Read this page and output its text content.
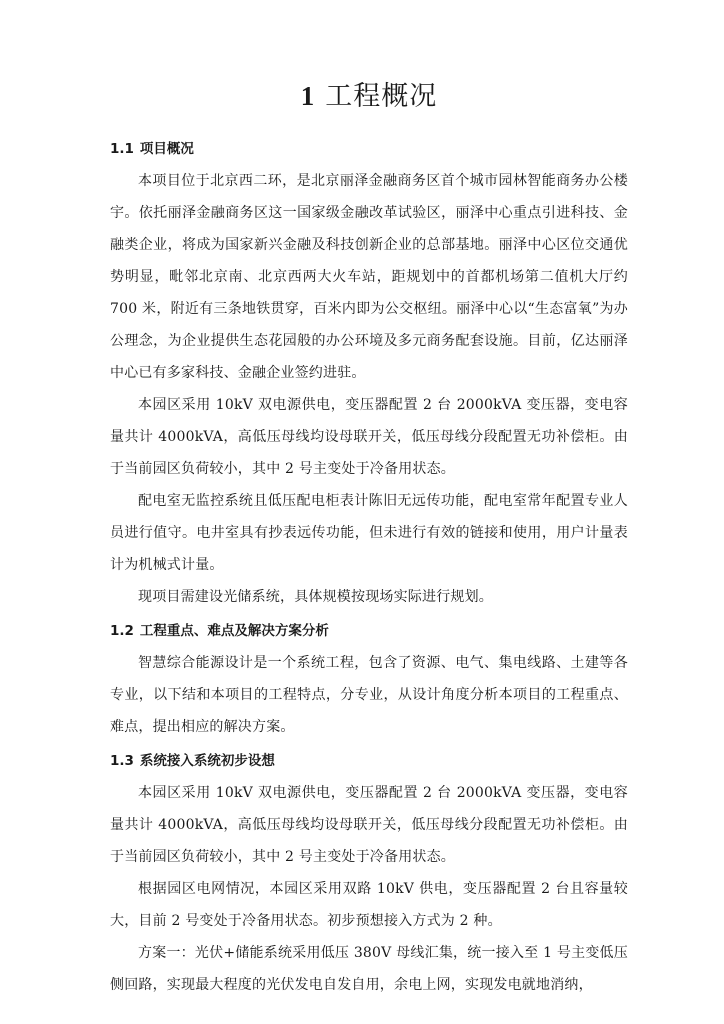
1 工程概况
1.1 项目概况

本项目位于北京西二环，是北京丽泽金融商务区首个城市园林智能商务办公楼宇。依托丽泽金融商务区这一国家级金融改革试验区，丽泽中心重点引进科技、金融类企业，将成为国家新兴金融及科技创新企业的总部基地。丽泽中心区位交通优势明显，毗邻北京南、北京西两大火车站，距规划中的首都机场第二值机大厅约 700 米，附近有三条地铁贯穿，百米内即为公交枢纽。丽泽中心以“生态富氧”为办公理念，为企业提供生态花园般的办公环境及多元商务配套设施。目前，亿达丽泽中心已有多家科技、金融企业签约进驻。

本园区采用 10kV 双电源供电，变压器配置 2 台 2000kVA 变压器，变电容量共计 4000kVA，高低压母线均设母联开关，低压母线分段配置无功补偿柜。由于当前园区负荷较小，其中 2 号主变处于冷备用状态。

配电室无监控系统且低压配电柜表计陈旧无远传功能，配电室常年配置专业人员进行值守。电井室具有抄表远传功能，但未进行有效的链接和使用，用户计量表计为机械式计量。

现项目需建设光储系统，具体规模按现场实际进行规划。

1.2 工程重点、难点及解决方案分析

智慧综合能源设计是一个系统工程，包含了资源、电气、集电线路、土建等各专业，以下结和本项目的工程特点，分专业，从设计角度分析本项目的工程重点、难点，提出相应的解决方案。

1.3 系统接入系统初步设想

本园区采用 10kV 双电源供电，变压器配置 2 台 2000kVA 变压器，变电容量共计 4000kVA，高低压母线均设母联开关，低压母线分段配置无功补偿柜。由于当前园区负荷较小，其中 2 号主变处于冷备用状态。

根据园区电网情况，本园区采用双路 10kV 供电，变压器配置 2 台且容量较大，目前 2 号变处于冷备用状态。初步预想接入方式为 2 种。

方案一：光伏+储能系统采用低压 380V 母线汇集，统一接入至 1 号主变低压侧回路，实现最大程度的光伏发电自发自用，余电上网，实现发电就地消纳，
